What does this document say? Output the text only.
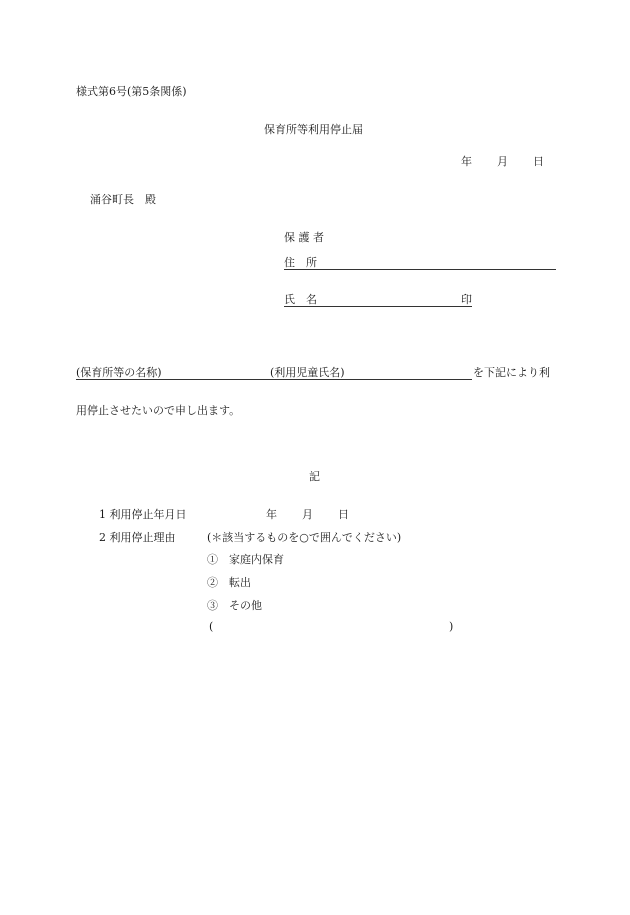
様式第6号(第5条関係)
保育所等利用停止届
年 月 日
涌谷町長　殿
保 護 者
住　所
氏　名	印
(保育所等の名称)	(利用児童氏名)	を下記により利
用停止させたいので申し出ます。
記
1 利用停止年月日	年 月 日
2 利用停止理由	(＊該当するものを○で囲んでください)
①　家庭内保育
②　転出
③　その他
(	)
